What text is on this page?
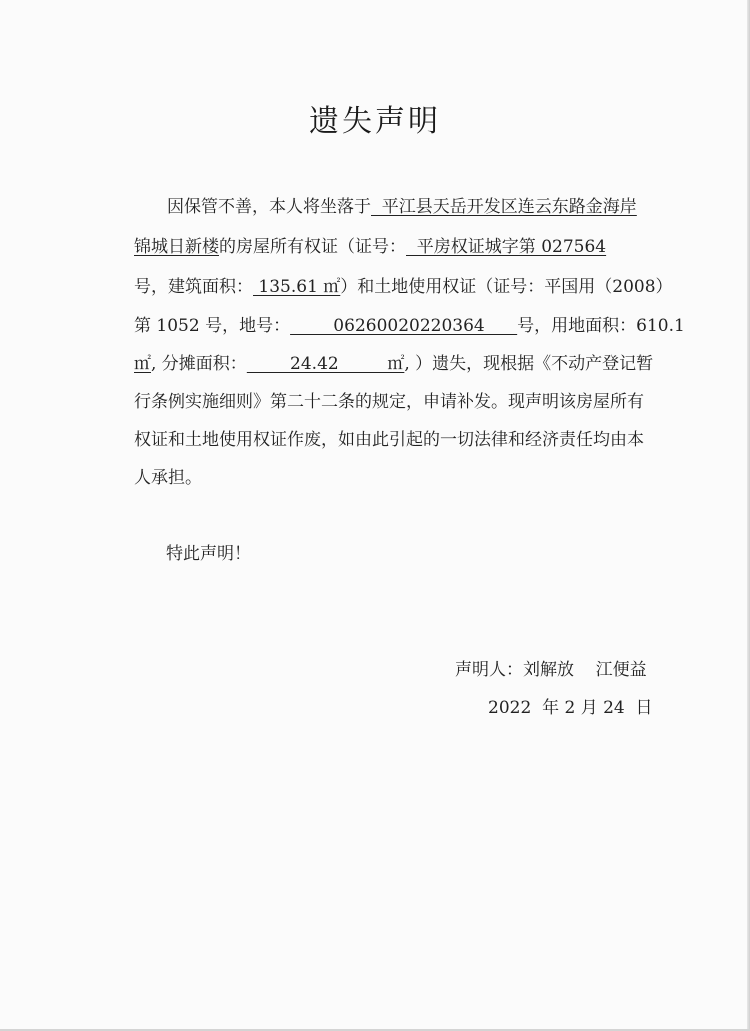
遗失声明
因保管不善，本人将坐落于  平江县天岳开发区连云东路金海岸
锦城日新楼的房屋所有权证（证号：  平房权证城字第 027564
号，建筑面积： 135.61 ㎡）和土地使用权证（证号：平国用（2008）
第 1052 号，地号：        06260020220364      号，用地面积：610.1
㎡, 分摊面积：        24.42         ㎡, ）遗失，现根据《不动产登记暂
行条例实施细则》第二十二条的规定，申请补发。现声明该房屋所有
权证和土地使用权证作废，如由此引起的一切法律和经济责任均由本
人承担。
特此声明！
声明人：刘解放    江便益
2022  年 2 月 24  日
